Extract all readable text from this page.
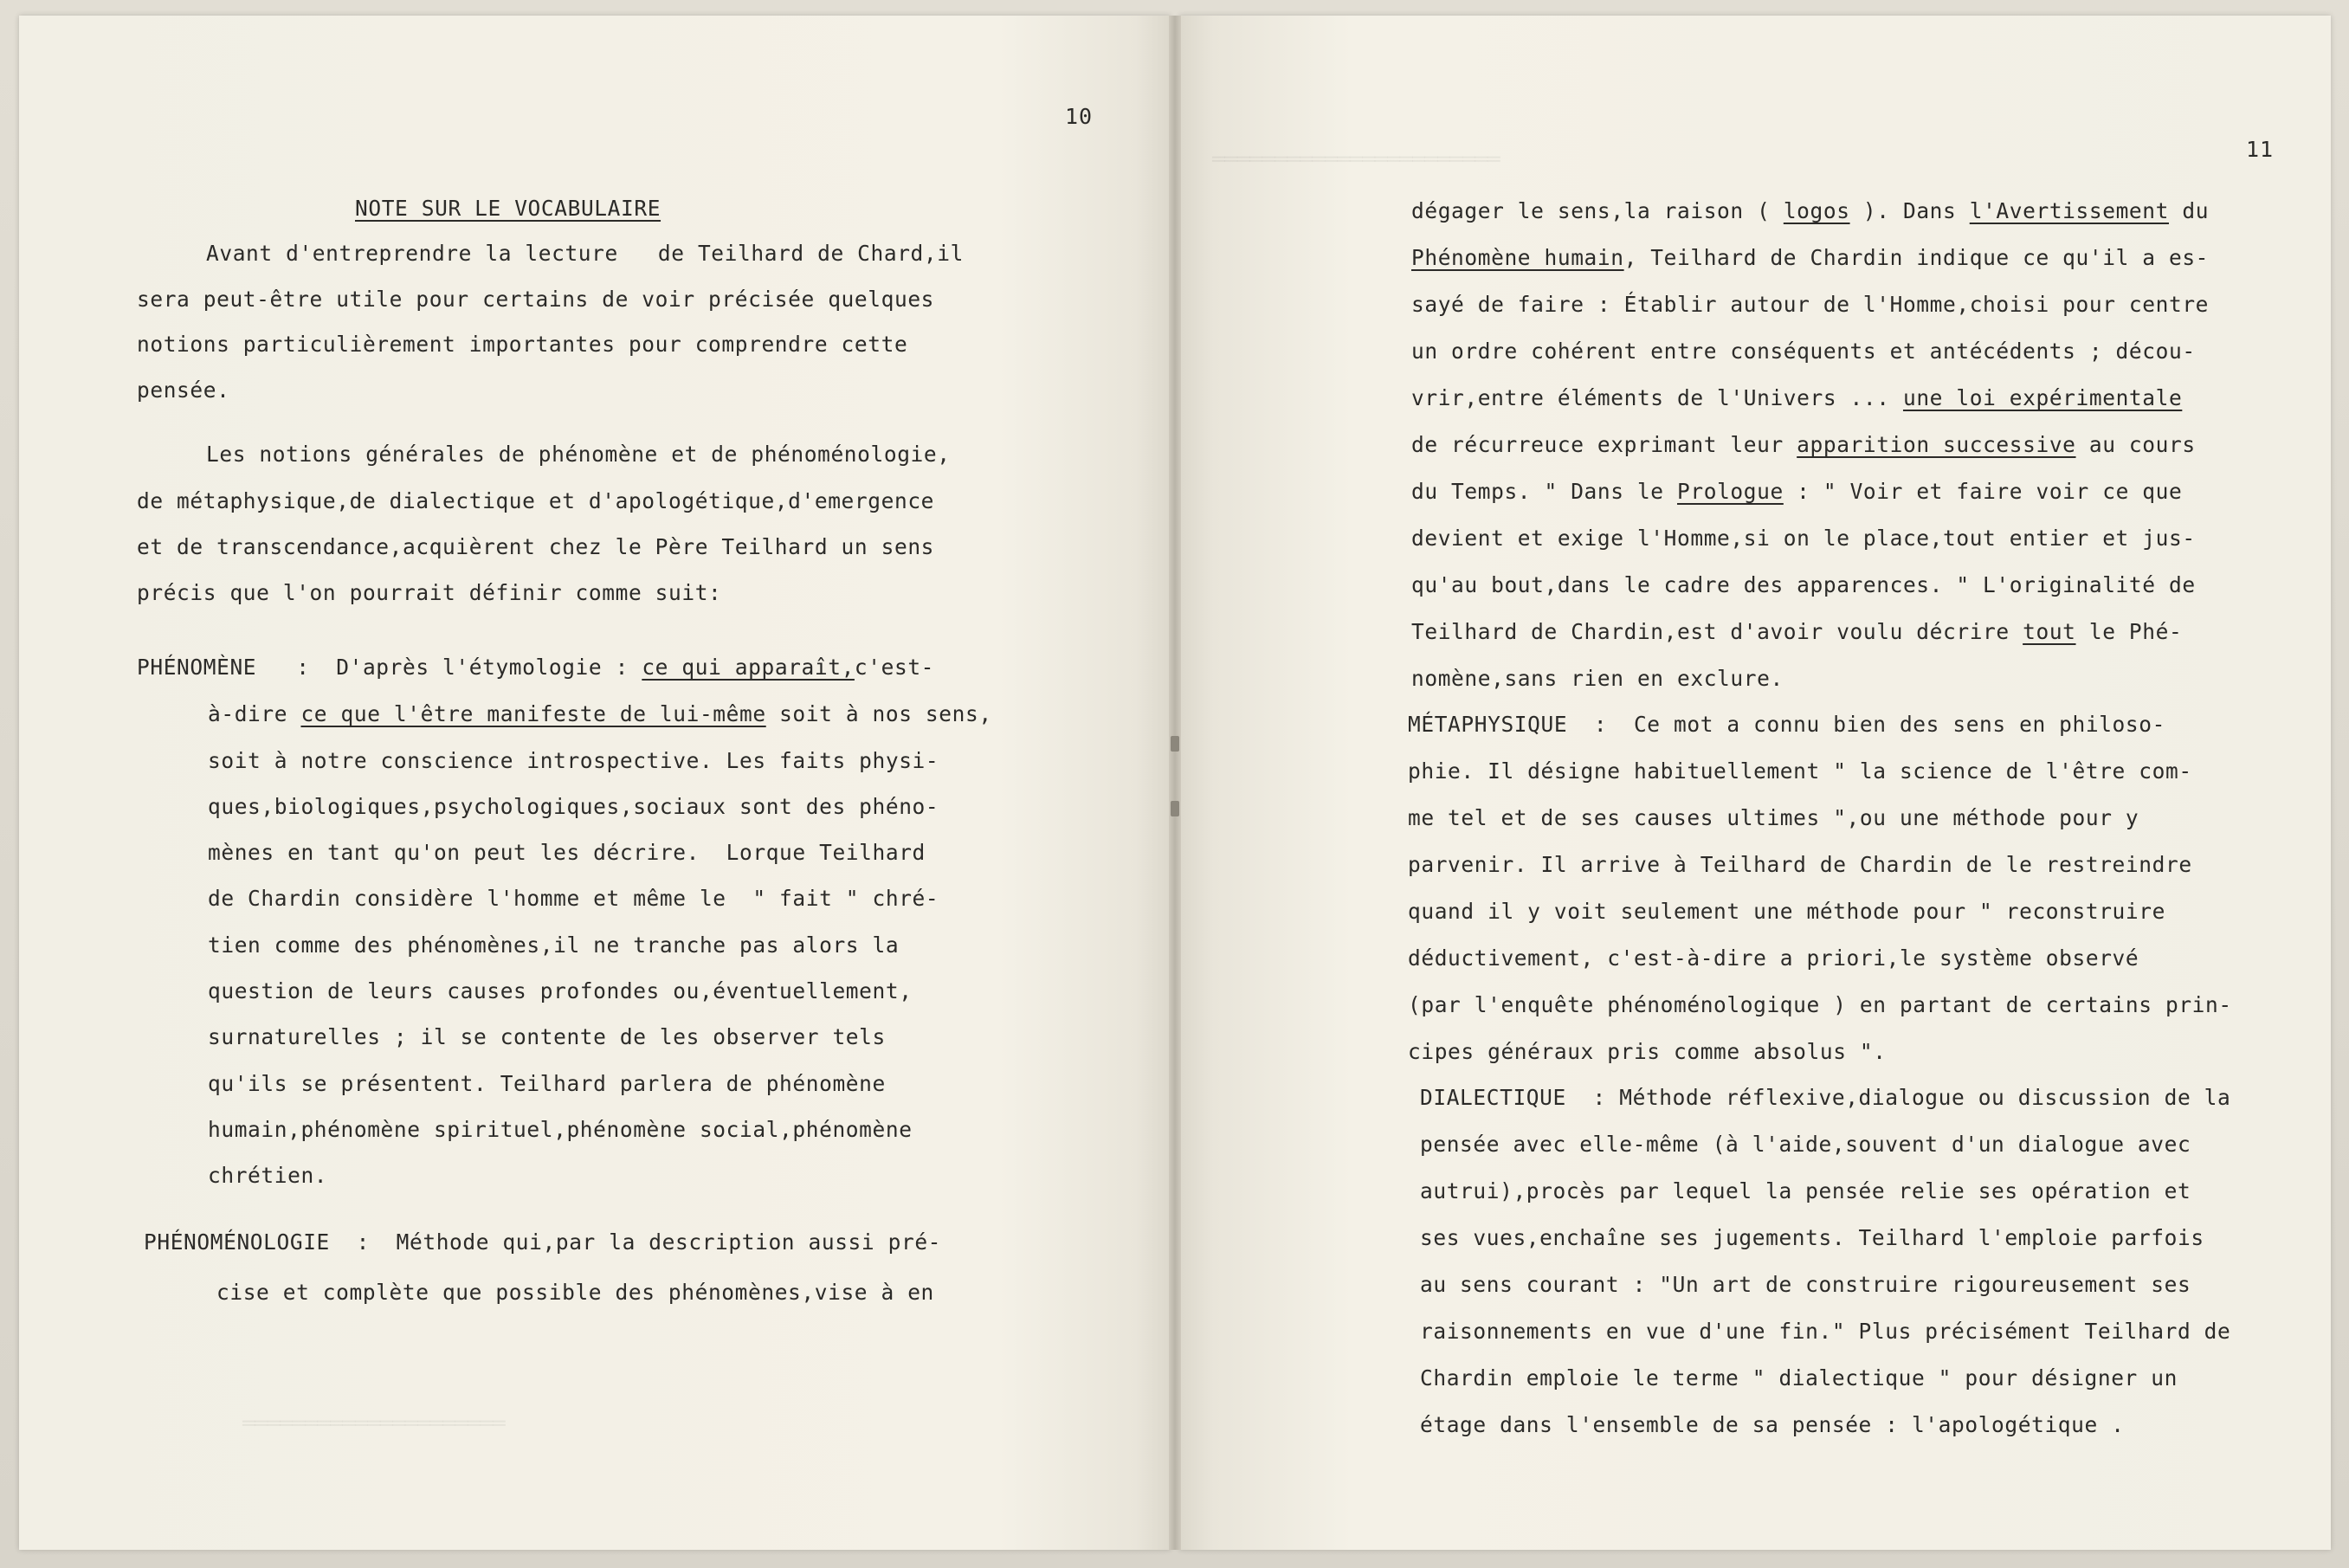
═══════════════════════
═════════════════════
10
11
NOTE SUR LE VOCABULAIRE
Avant d'entreprendre la lecture   de Teilhard de Chard,il
sera peut-être utile pour certains de voir précisée quelques
notions particulièrement importantes pour comprendre cette
pensée.
Les notions générales de phénomène et de phénoménologie,
de métaphysique,de dialectique et d'apologétique,d'emergence
et de transcendance,acquièrent chez le Père Teilhard un sens
précis que l'on pourrait définir comme suit:
PHÉNOMÈNE   :  D'après l'étymologie : ce qui apparaît,c'est-
à-dire ce que l'être manifeste de lui-même soit à nos sens,
soit à notre conscience introspective. Les faits physi-
ques,biologiques,psychologiques,sociaux sont des phéno-
mènes en tant qu'on peut les décrire.  Lorque Teilhard
de Chardin considère l'homme et même le  " fait " chré-
tien comme des phénomènes,il ne tranche pas alors la
question de leurs causes profondes ou,éventuellement,
surnaturelles ; il se contente de les observer tels
qu'ils se présentent. Teilhard parlera de phénomène
humain,phénomène spirituel,phénomène social,phénomène
chrétien.
PHÉNOMÉNOLOGIE  :  Méthode qui,par la description aussi pré-
cise et complète que possible des phénomènes,vise à en
dégager le sens,la raison ( logos ). Dans l'Avertissement du
Phénomène humain, Teilhard de Chardin indique ce qu'il a es-
sayé de faire : Établir autour de l'Homme,choisi pour centre
un ordre cohérent entre conséquents et antécédents ; décou-
vrir,entre éléments de l'Univers ... une loi expérimentale
de récurreuce exprimant leur apparition successive au cours
du Temps. " Dans le Prologue : " Voir et faire voir ce que
devient et exige l'Homme,si on le place,tout entier et jus-
qu'au bout,dans le cadre des apparences. " L'originalité de
Teilhard de Chardin,est d'avoir voulu décrire tout le Phé-
nomène,sans rien en exclure.
MÉTAPHYSIQUE  :  Ce mot a connu bien des sens en philoso-
phie. Il désigne habituellement " la science de l'être com-
me tel et de ses causes ultimes ",ou une méthode pour y
parvenir. Il arrive à Teilhard de Chardin de le restreindre
quand il y voit seulement une méthode pour " reconstruire
déductivement, c'est-à-dire a priori,le système observé
(par l'enquête phénoménologique ) en partant de certains prin-
cipes généraux pris comme absolus ".
DIALECTIQUE  : Méthode réflexive,dialogue ou discussion de la
pensée avec elle-même (à l'aide,souvent d'un dialogue avec
autrui),procès par lequel la pensée relie ses opération et
ses vues,enchaîne ses jugements. Teilhard l'emploie parfois
au sens courant : "Un art de construire rigoureusement ses
raisonnements en vue d'une fin." Plus précisément Teilhard de
Chardin emploie le terme " dialectique " pour désigner un
étage dans l'ensemble de sa pensée : l'apologétique .
